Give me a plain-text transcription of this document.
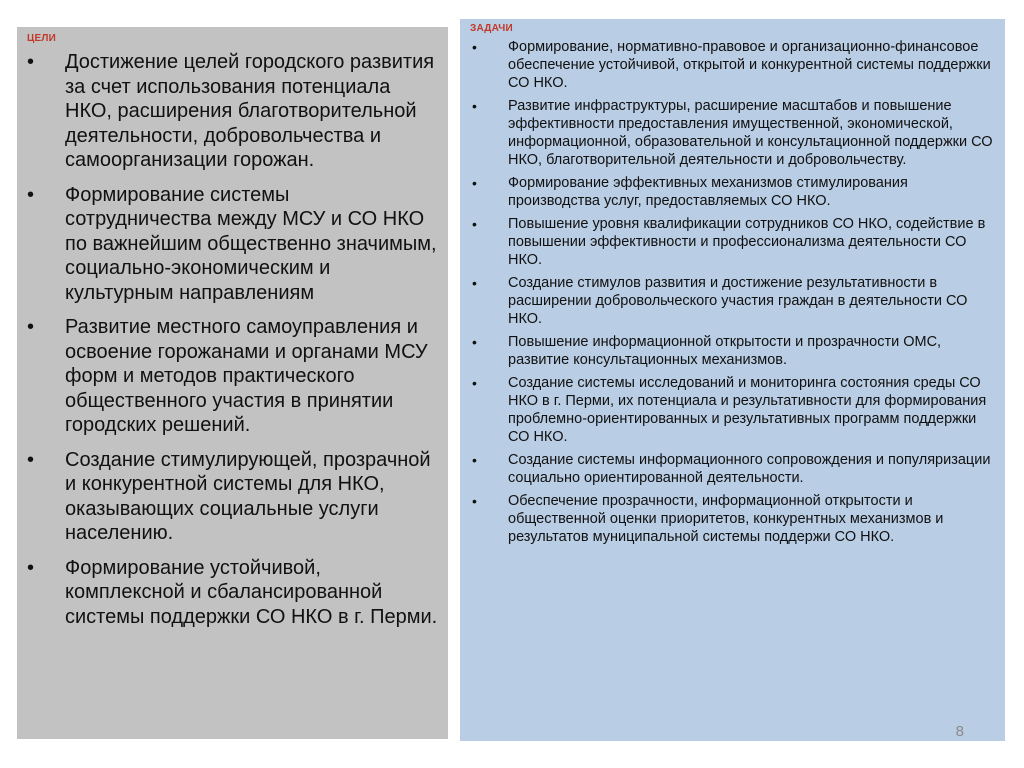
ЦЕЛИ
• Достижение целей городского развития за счет использования потенциала НКО, расширения благотворительной деятельности, добровольчества и самоорганизации горожан.
• Формирование системы сотрудничества между МСУ и СО НКО по важнейшим общественно значимым, социально-экономическим и культурным направлениям
• Развитие местного самоуправления и освоение горожанами и органами МСУ форм и методов практического общественного участия в принятии городских решений.
• Создание стимулирующей, прозрачной и конкурентной системы для НКО, оказывающих социальные услуги населению.
• Формирование устойчивой, комплексной и сбалансированной системы поддержки СО НКО в г. Перми.
ЗАДАЧИ
• Формирование, нормативно-правовое и организационно-финансовое обеспечение устойчивой, открытой и конкурентной системы поддержки СО НКО.
• Развитие инфраструктуры, расширение масштабов и повышение эффективности предоставления имущественной, экономической, информационной, образовательной и консультационной поддержки СО НКО, благотворительной деятельности и добровольчеству.
• Формирование эффективных механизмов стимулирования производства услуг, предоставляемых СО НКО.
• Повышение уровня квалификации сотрудников СО НКО, содействие в повышении эффективности и профессионализма деятельности СО НКО.
• Создание стимулов развития и достижение результативности в расширении добровольческого участия граждан в деятельности СО НКО.
• Повышение информационной открытости и прозрачности ОМС, развитие консультационных механизмов.
• Создание системы исследований и мониторинга состояния среды СО НКО в г. Перми, их потенциала и результативности для формирования проблемно-ориентированных и результативных программ поддержки СО НКО.
• Создание системы информационного сопровождения и популяризации социально ориентированной деятельности.
• Обеспечение прозрачности, информационной открытости и общественной оценки приоритетов, конкурентных механизмов и результатов муниципальной системы поддержи СО НКО.
8
